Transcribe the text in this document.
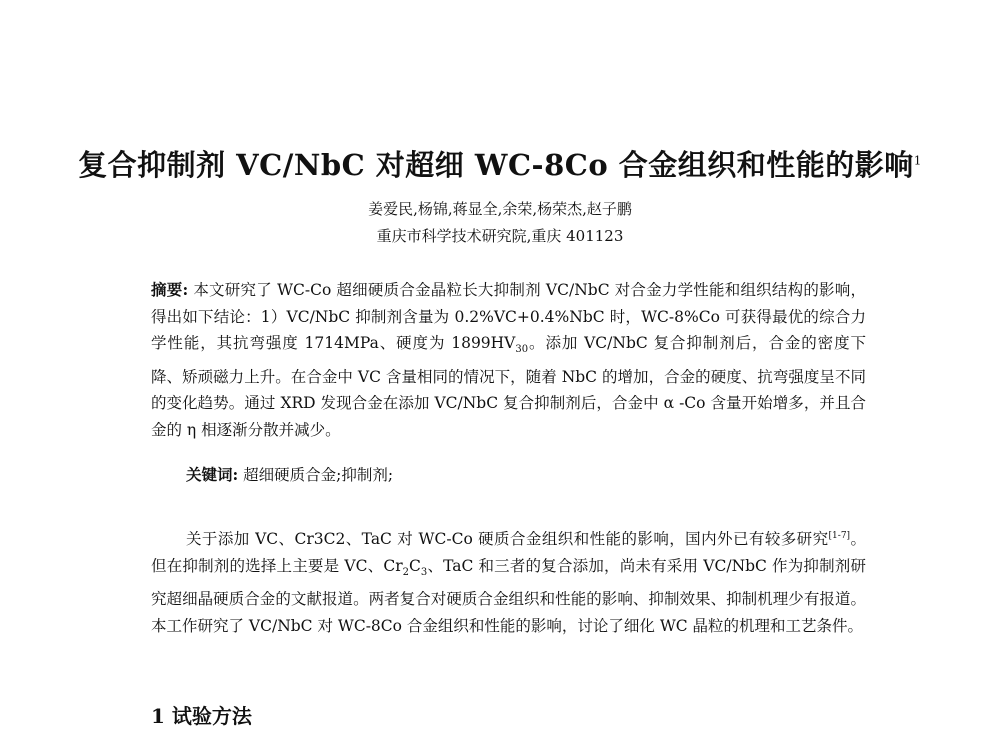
复合抑制剂 VC/NbC 对超细 WC-8Co 合金组织和性能的影响$^1$
姜爱民,杨锦,蒋显全,余荣,杨荣杰,赵子鹏
重庆市科学技术研究院,重庆 401123
摘要: 本文研究了 WC-Co 超细硬质合金晶粒长大抑制剂 VC/NbC 对合金力学性能和组织结构的影响，得出如下结论：1）VC/NbC 抑制剂含量为 0.2%VC+0.4%NbC 时，WC-8%Co 可获得最优的综合力学性能，其抗弯强度 1714MPa、硬度为 $1899HV_{30}$。添加 VC/NbC 复合抑制剂后，合金的密度下降、矫顽磁力上升。在合金中 VC 含量相同的情况下，随着 NbC 的增加，合金的硬度、抗弯强度呈不同的变化趋势。通过 XRD 发现合金在添加 VC/NbC 复合抑制剂后，合金中 α -Co 含量开始增多，并且合金的 η 相逐渐分散并减少。
关键词: 超细硬质合金;抑制剂;
关于添加 VC、Cr3C2、TaC 对 WC-Co 硬质合金组织和性能的影响，国内外已有较多研究[1-7]。但在抑制剂的选择上主要是 VC、$Cr_2C_3$、TaC 和三者的复合添加，尚未有采用 VC/NbC 作为抑制剂研究超细晶硬质合金的文献报道。两者复合对硬质合金组织和性能的影响、抑制效果、抑制机理少有报道。本工作研究了 VC/NbC 对 WC-8Co 合金组织和性能的影响，讨论了细化 WC 晶粒的机理和工艺条件。
1 试验方法
